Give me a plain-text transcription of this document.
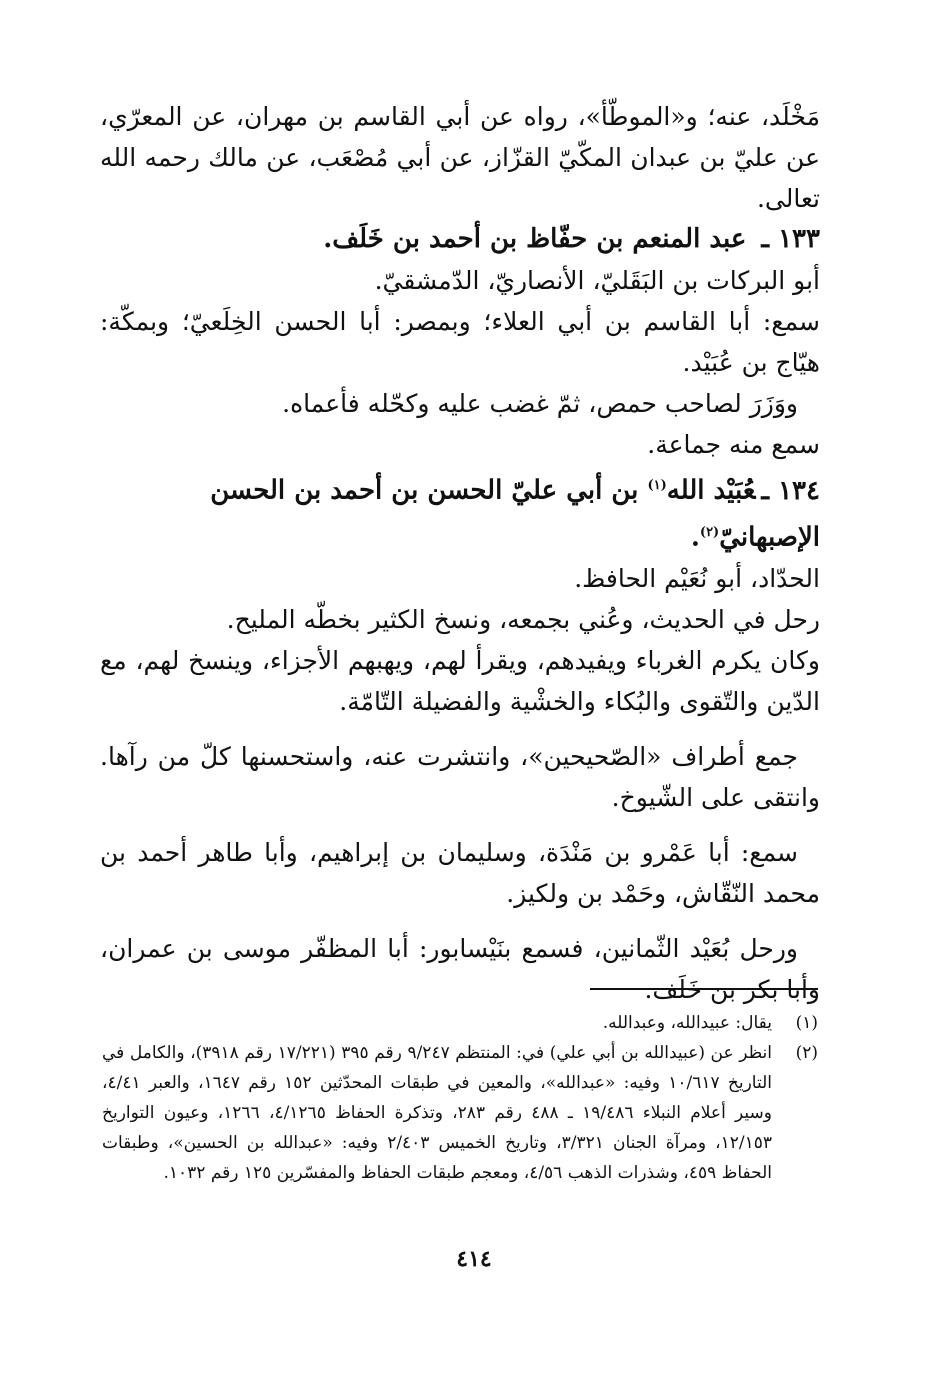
مَخْلَد، عنه؛ و«الموطّأ»، رواه عن أبي القاسم بن مهران، عن المعرّي، عن عليّ بن عبدان المكّيّ القزّاز، عن أبي مُصْعَب، عن مالك رحمه الله تعالى.

١٣٣ ـ عبد المنعم بن حفّاظ بن أحمد بن خَلَف.

أبو البركات بن البَقَليّ، الأنصاريّ، الدّمشقيّ.

سمع: أبا القاسم بن أبي العلاء؛ وبمصر: أبا الحسن الخِلَعيّ؛ وبمكّة: هيّاج بن عُبَيْد.

ووَزَرَ لصاحب حمص، ثمّ غضب عليه وكحّله فأعماه.

سمع منه جماعة.

١٣٤ ـعُبَيْد الله$^{(١)}$ بن أبي عليّ الحسن بن أحمد بن الحسن الإصبهانيّ$^{(٢)}$.

الحدّاد، أبو نُعَيْم الحافظ.

رحل في الحديث، وعُني بجمعه، ونسخ الكثير بخطّه المليح.

وكان يكرم الغرباء ويفيدهم، ويقرأ لهم، ويهبهم الأجزاء، وينسخ لهم، مع الدّين والتّقوى والبُكاء والخشْية والفضيلة التّامّة.

جمع أطراف «الصّحيحين»، وانتشرت عنه، واستحسنها كلّ من رآها. وانتقى على الشّيوخ.

سمع: أبا عَمْرو بن مَنْدَة، وسليمان بن إبراهيم، وأبا طاهر أحمد بن محمد النّقّاش، وحَمْد بن ولكيز.

ورحل بُعَيْد الثّمانين، فسمع بنَيْسابور: أبا المظفّر موسى بن عمران، وأبا بكر بن خَلَف.

(١)
يقال: عبيدالله، وعبدالله.
(٢)
انظر عن (عبيدالله بن أبي علي) في: المنتظم ٩/٢٤٧ رقم ٣٩٥ (١٧/٢٢١ رقم ٣٩١٨)، والكامل في التاريخ ١٠/٦١٧ وفيه: «عبدالله»، والمعين في طبقات المحدّثين ١٥٢ رقم ١٦٤٧، والعبر ٤/٤١، وسير أعلام النبلاء ١٩/٤٨٦ ـ ٤٨٨ رقم ٢٨٣، وتذكرة الحفاظ ٤/١٢٦٥، ١٢٦٦، وعيون التواريخ ١٢/١٥٣، ومرآة الجنان ٣/٣٢١، وتاريخ الخميس ٢/٤٠٣ وفيه: «عبدالله بن الحسين»، وطبقات الحفاظ ٤٥٩، وشذرات الذهب ٤/٥٦، ومعجم طبقات الحفاظ والمفسّرين ١٢٥ رقم ١٠٣٢.
٤١٤
